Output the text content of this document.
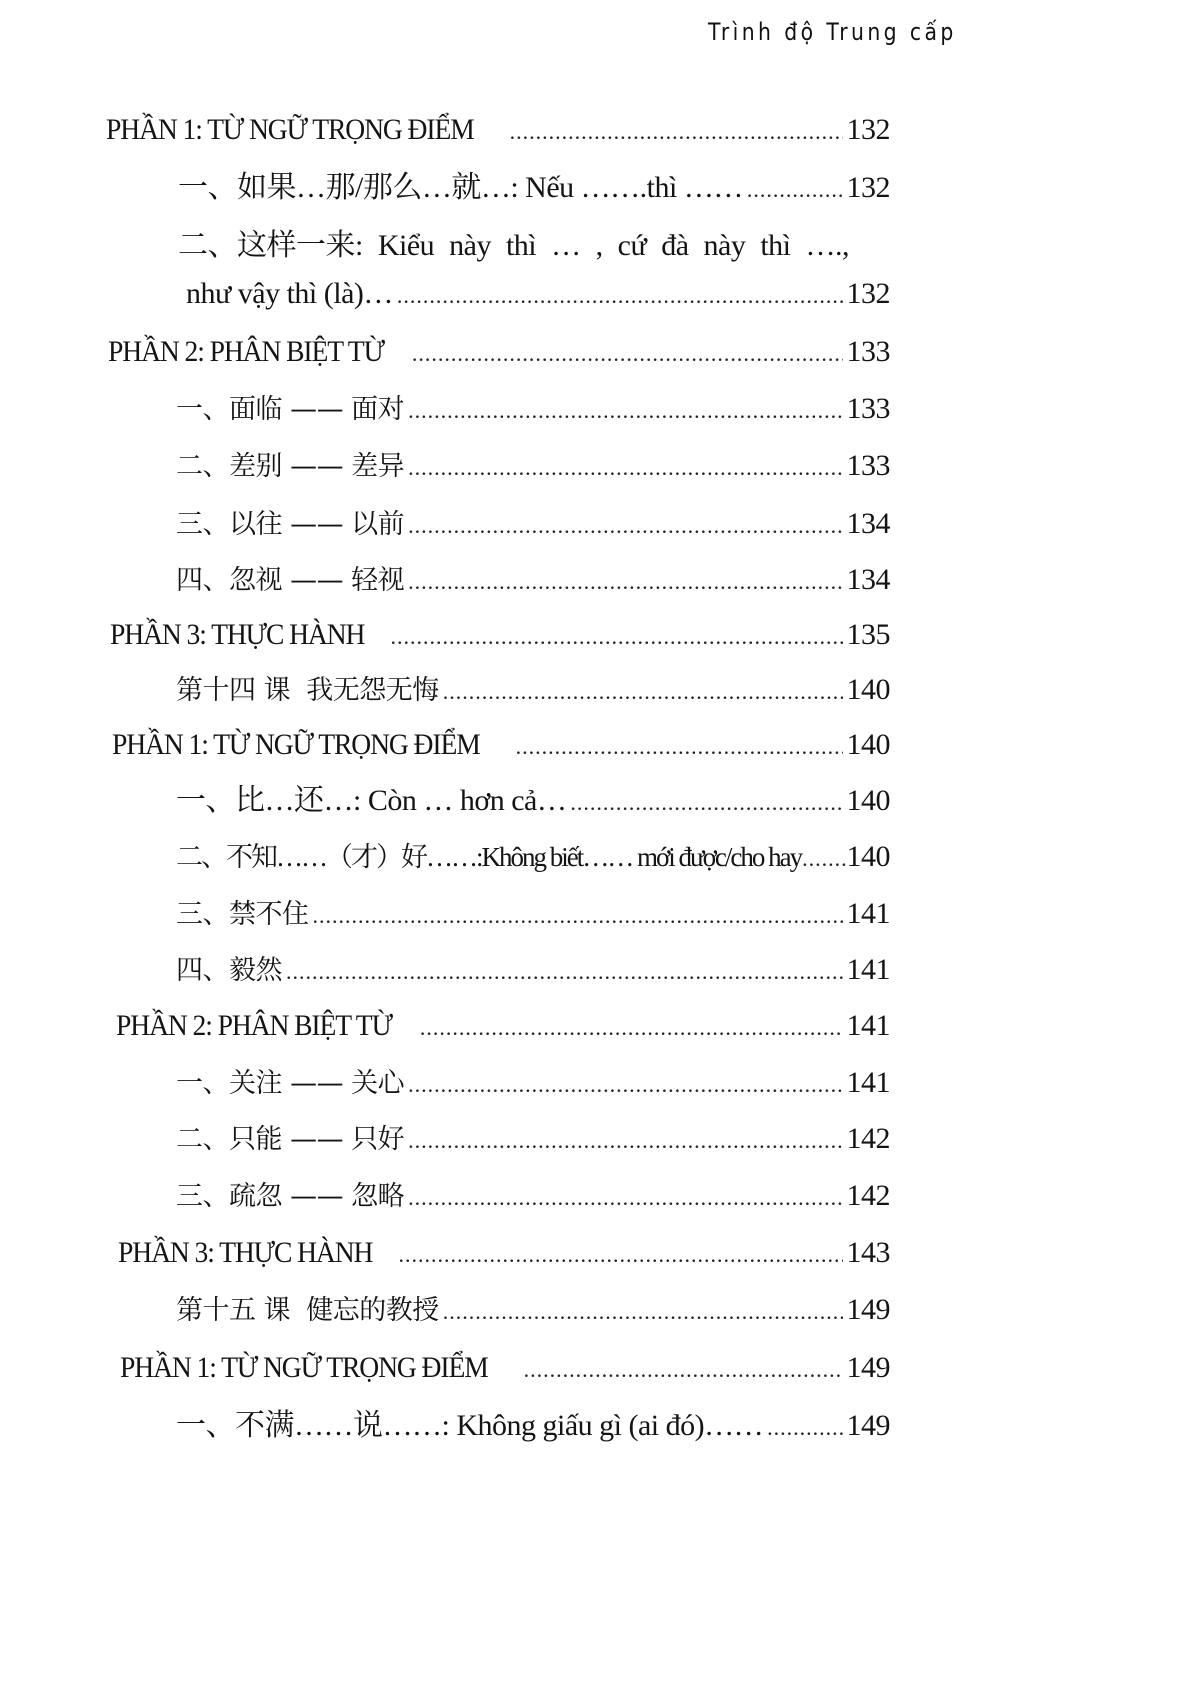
Trình độ Trung cấp
PHẦN 1: TỪ NGỮ TRỌNG ĐIỂM .....	132
一、如果…那/那么…就…: Nếu …….thì …… .....	132
二、这样一来: Kiểu này thì … , cứ đà này thì ….,
như vậy thì (là)… .....	132
PHẦN 2: PHÂN BIỆT TỪ .....	133
一、面临 —— 面对 .....	133
二、差别 —— 差异 .....	133
三、以往 —— 以前 .....	134
四、忽视 —— 轻视 .....	134
PHẦN 3: THỰC HÀNH .....	135
第十四 课  我无怨无悔 .....	140
PHẦN 1: TỪ NGỮ TRỌNG ĐIỂM .....	140
一、比…还…: Còn … hơn cả… .....	140
二、不知……（才）好……:Không biết…… mới được/cho hay ..... 140
三、禁不住 .....	141
四、毅然 .....	141
PHẦN 2: PHÂN BIỆT TỪ .....	141
一、关注 —— 关心 .....	141
二、只能 —— 只好 .....	142
三、疏忽 —— 忽略 .....	142
PHẦN 3: THỰC HÀNH .....	143
第十五 课  健忘的教授 .....	149
PHẦN 1: TỪ NGỮ TRỌNG ĐIỂM .....	149
一、不满……说……: Không giấu gì (ai đó)…… .....	149
